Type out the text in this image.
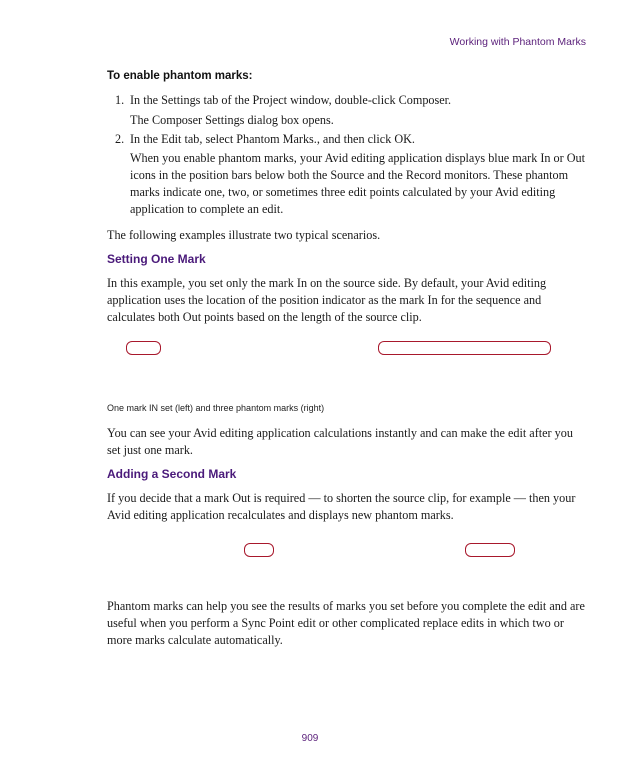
Working with Phantom Marks
To enable phantom marks:
1. In the Settings tab of the Project window, double-click Composer.
The Composer Settings dialog box opens.
2. In the Edit tab, select Phantom Marks., and then click OK.
When you enable phantom marks, your Avid editing application displays blue mark In or Out icons in the position bars below both the Source and the Record monitors. These phantom marks indicate one, two, or sometimes three edit points calculated by your Avid editing application to complete an edit.
The following examples illustrate two typical scenarios.
Setting One Mark
In this example, you set only the mark In on the source side. By default, your Avid editing application uses the location of the position indicator as the mark In for the sequence and calculates both Out points based on the length of the source clip.
One mark IN set (left) and three phantom marks (right)
You can see your Avid editing application calculations instantly and can make the edit after you set just one mark.
Adding a Second Mark
If you decide that a mark Out is required — to shorten the source clip, for example — then your Avid editing application recalculates and displays new phantom marks.
Phantom marks can help you see the results of marks you set before you complete the edit and are useful when you perform a Sync Point edit or other complicated replace edits in which two or more marks calculate automatically.
909
